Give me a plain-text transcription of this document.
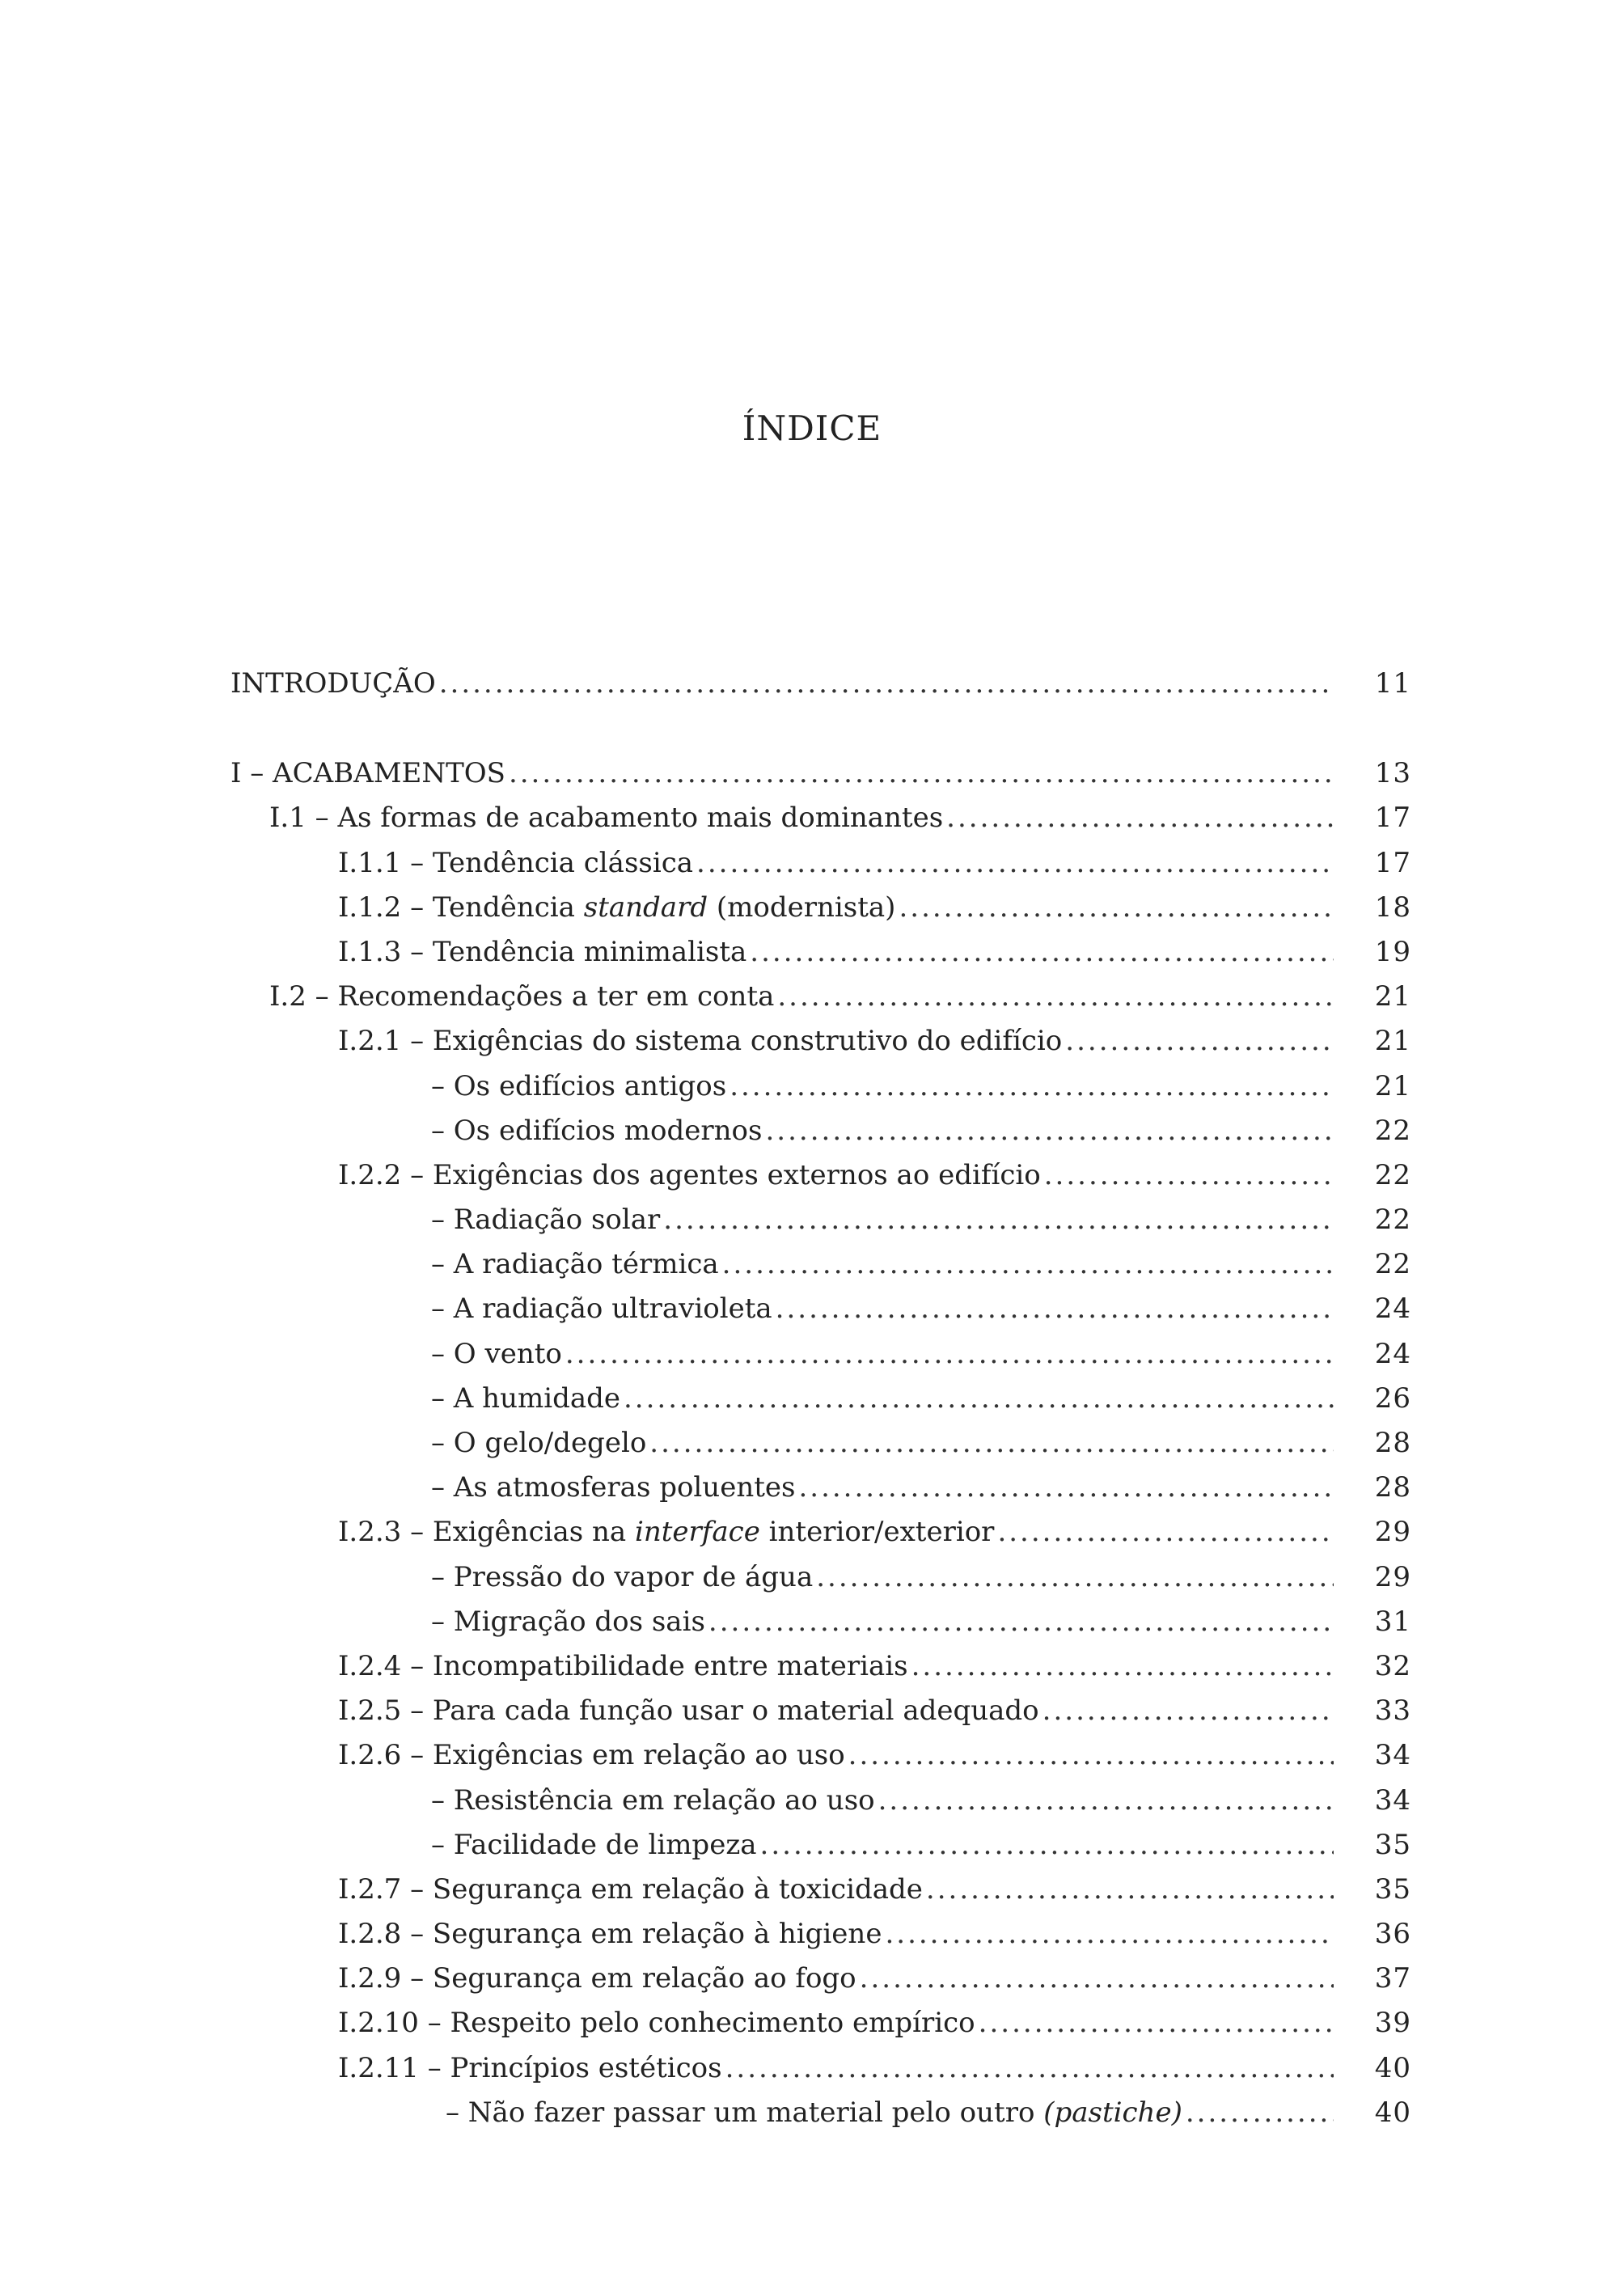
ÍNDICE
INTRODUÇÃO .....	11
I – ACABAMENTOS .....	13
I.1 – As formas de acabamento mais dominantes .....	17
I.1.1 – Tendência clássica .....	17
I.1.2 – Tendência standard (modernista) .....	18
I.1.3 – Tendência minimalista .....	19
I.2 – Recomendações a ter em conta .....	21
I.2.1 – Exigências do sistema construtivo do edifício .....	21
– Os edifícios antigos .....	21
– Os edifícios modernos .....	22
I.2.2 – Exigências dos agentes externos ao edifício .....	22
– Radiação solar .....	22
– A radiação térmica .....	22
– A radiação ultravioleta .....	24
– O vento .....	24
– A humidade .....	26
– O gelo/degelo .....	28
– As atmosferas poluentes .....	28
I.2.3 – Exigências na interface interior/exterior .....	29
– Pressão do vapor de água .....	29
– Migração dos sais .....	31
I.2.4 – Incompatibilidade entre materiais .....	32
I.2.5 – Para cada função usar o material adequado .....	33
I.2.6 – Exigências em relação ao uso .....	34
– Resistência em relação ao uso .....	34
– Facilidade de limpeza .....	35
I.2.7 – Segurança em relação à toxicidade .....	35
I.2.8 – Segurança em relação à higiene .....	36
I.2.9 – Segurança em relação ao fogo .....	37
I.2.10 – Respeito pelo conhecimento empírico .....	39
I.2.11 – Princípios estéticos .....	40
– Não fazer passar um material pelo outro (pastiche) .....	40
